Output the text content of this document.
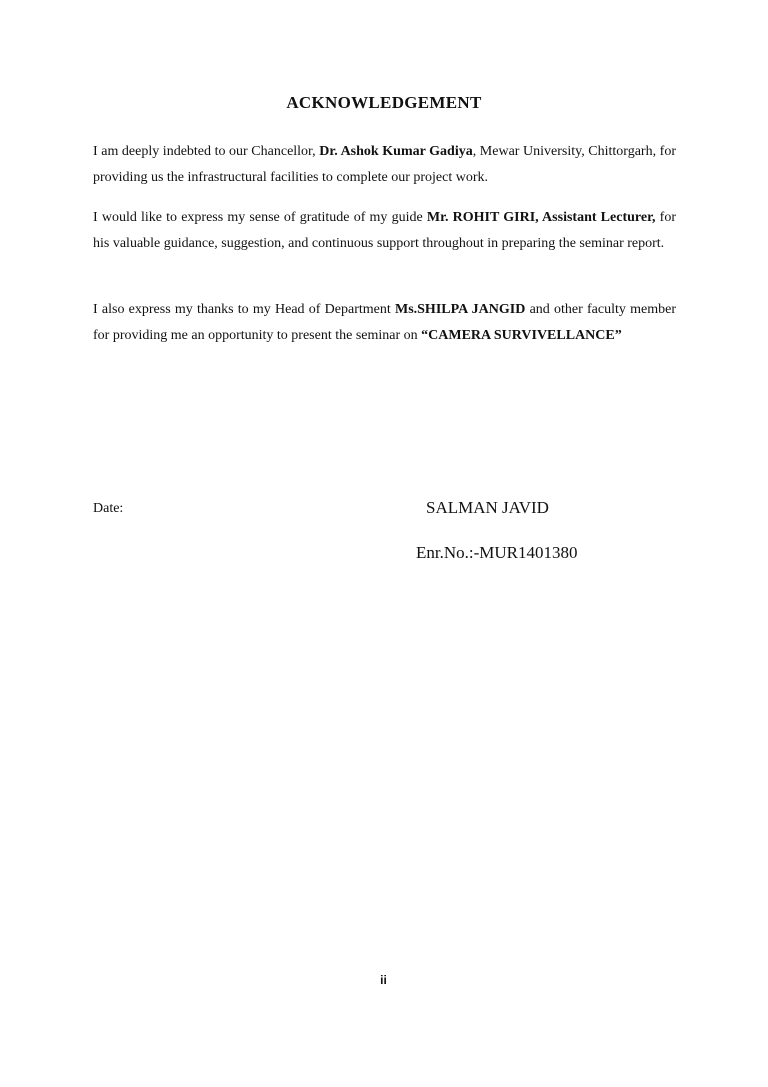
ACKNOWLEDGEMENT

I am deeply indebted to our Chancellor, Dr. Ashok Kumar Gadiya, Mewar University, Chittorgarh, for providing us the infrastructural facilities to complete our project work.

I would like to express my sense of gratitude of my guide Mr. ROHIT GIRI, Assistant Lecturer, for his valuable guidance, suggestion, and continuous support throughout in preparing the seminar report.

I also express my thanks to my Head of Department Ms.SHILPA JANGID and other faculty member for providing me an opportunity to present the seminar on “CAMERA SURVIVELLANCE”

Date:	SALMAN JAVID
Enr.No.:-MUR1401380
ii
